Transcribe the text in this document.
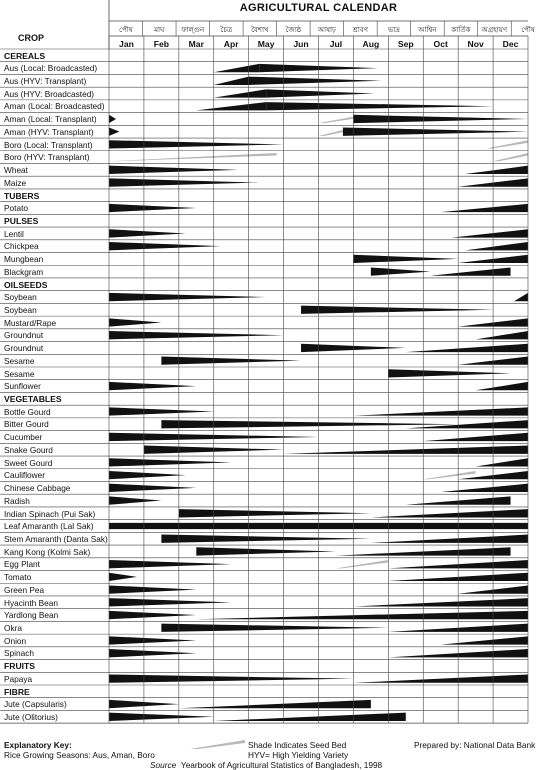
AGRICULTURAL CALENDAR
CROP
CEREALS
Aus (Local: Broadcasted)
Aus (HYV: Transplant)
Aus (HYV: Broadcasted)
Aman (Local: Broadcasted)
Aman (Local: Transplant)
Aman (HYV: Transplant)
Boro (Local: Transplant)
Boro (HYV: Transplant)
Wheat
Maize
TUBERS
Potato
PULSES
Lentil
Chickpea
Mungbean
Blackgram
OILSEEDS
Soybean
Soybean
Mustard/Rape
Groundnut
Groundnut
Sesame
Sesame
Sunflower
VEGETABLES
Bottle Gourd
Bitter Gourd
Cucumber
Snake Gourd
Sweet Gourd
Cauliflower
Chinese Cabbage
Radish
Indian Spinach (Pui Sak)
Leaf Amaranth (Lal Sak)
Stem Amaranth (Danta Sak)
Kang Kong (Kolmi Sak)
Egg Plant
Tomato
Green Pea
Hyacinth Bean
Yardlong Bean
Okra
Onion
Spinach
FRUITS
Papaya
FIBRE
Jute (Capsularis)
Jute (Olitorius)
Jan	Feb	Mar	Apr	May	Jun	Jul	Aug	Sep	Oct	Nov	Dec
পৌষ	মাঘ	ফাল্গুন	চৈত্র	বৈশাখ	জ্যৈষ্ঠ	আষাঢ়	শ্রাবণ	ভাদ্র	আশ্বিন	কার্তিক	অগ্রহায়ণ	পৌষ
Explanatory Key:
Rice Growing Seasons: Aus, Aman, Boro
Shade Indicates Seed Bed
HYV= High Yielding Variety
Prepared by: National Data Bank
Source Yearbook of Agricultural Statistics of Bangladesh, 1998
